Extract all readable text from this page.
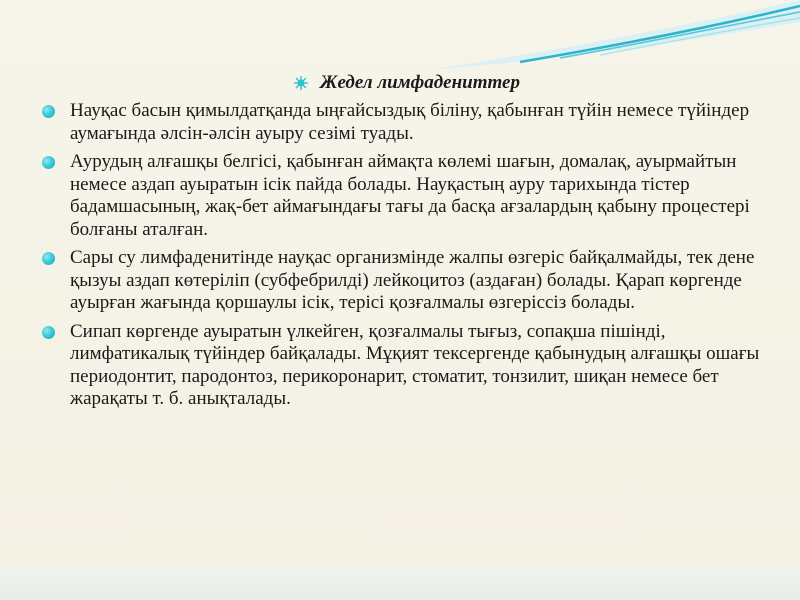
Жедел лимфадениттер
Науқас басын қимылдатқанда ыңғайсыздық біліну, қабынған түйін немесе түйіндер аумағында әлсін-әлсін ауыру сезімі туады.
Аурудың алғашқы белгісі, қабынған аймақта көлемі шағын, домалақ, ауырмайтын немесе аздап ауыратын ісік пайда болады. Науқастың ауру тарихында тістер бадамшасының, жақ-бет аймағындағы тағы да басқа ағзалардың қабыну процестері болғаны аталған.
Сары су лимфаденитінде науқас организмінде жалпы өзгеріс байқалмайды, тек дене қызуы аздап көтеріліп (субфебрилді) лейкоцитоз (аздаған) болады. Қарап көргенде ауырған жағында қоршаулы ісік, терісі қозғалмалы өзгеріссіз болады.
Сипап көргенде ауыратын үлкейген, қозғалмалы тығыз, сопақша пішінді, лимфатикалық түйіндер байқалады. Мұқият тексергенде қабынудың алғашқы ошағы периодонтит, пародонтоз, перикоронарит, стоматит, тонзилит, шиқан немесе бет жарақаты т. б. анықталады.
